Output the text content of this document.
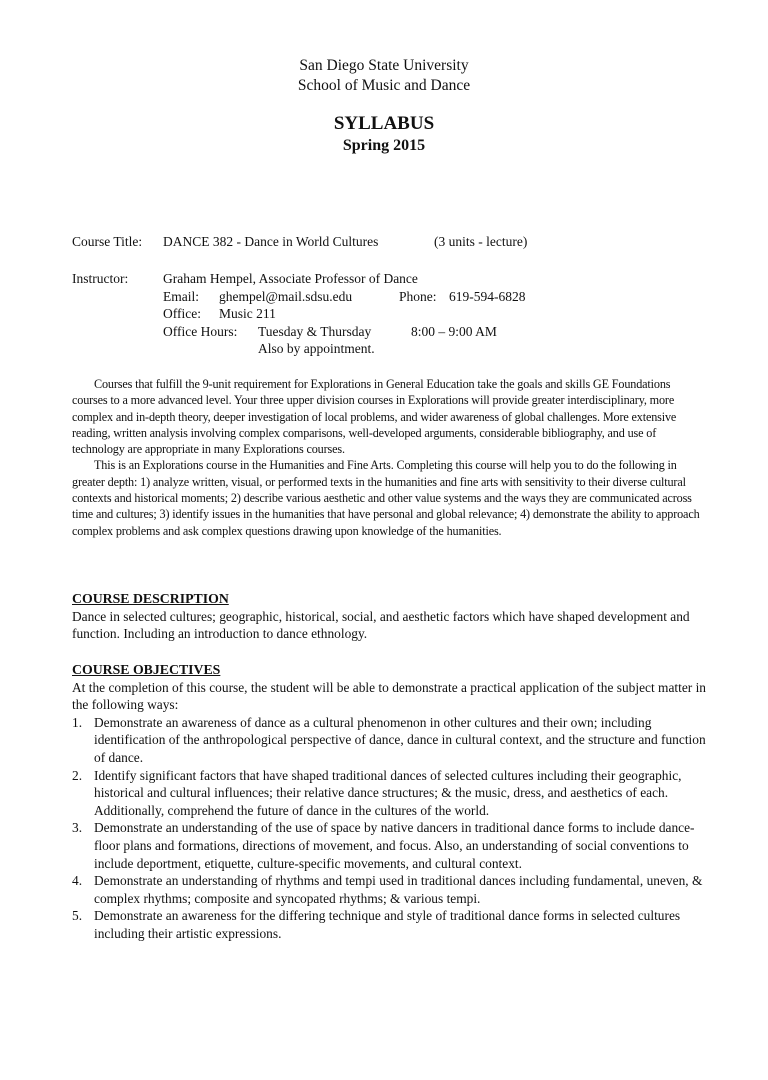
San Diego State University
School of Music and Dance
SYLLABUS
Spring 2015
Course Title: DANCE 382 - Dance in World Cultures	(3 units - lecture)
Instructor:	Graham Hempel, Associate Professor of Dance
Email: ghempel@mail.sdsu.edu	Phone: 619-594-6828
Office: Music 211
Office Hours: Tuesday & Thursday	8:00 – 9:00 AM
Also by appointment.

Courses that fulfill the 9-unit requirement for Explorations in General Education take the goals and skills GE Foundations courses to a more advanced level. Your three upper division courses in Explorations will provide greater interdisciplinary, more complex and in-depth theory, deeper investigation of local problems, and wider awareness of global challenges. More extensive reading, written analysis involving complex comparisons, well-developed arguments, considerable bibliography, and use of technology are appropriate in many Explorations courses.

This is an Explorations course in the Humanities and Fine Arts. Completing this course will help you to do the following in greater depth: 1) analyze written, visual, or performed texts in the humanities and fine arts with sensitivity to their diverse cultural contexts and historical moments; 2) describe various aesthetic and other value systems and the ways they are communicated across time and cultures; 3) identify issues in the humanities that have personal and global relevance; 4) demonstrate the ability to approach complex problems and ask complex questions drawing upon knowledge of the humanities.

COURSE DESCRIPTION

Dance in selected cultures; geographic, historical, social, and aesthetic factors which have shaped development and function. Including an introduction to dance ethnology.

COURSE OBJECTIVES

At the completion of this course, the student will be able to demonstrate a practical application of the subject matter in the following ways:

1. Demonstrate an awareness of dance as a cultural phenomenon in other cultures and their own; including identification of the anthropological perspective of dance, dance in cultural context, and the structure and function of dance.
2. Identify significant factors that have shaped traditional dances of selected cultures including their geographic, historical and cultural influences; their relative dance structures; & the music, dress, and aesthetics of each. Additionally, comprehend the future of dance in the cultures of the world.
3. Demonstrate an understanding of the use of space by native dancers in traditional dance forms to include dance-floor plans and formations, directions of movement, and focus. Also, an understanding of social conventions to include deportment, etiquette, culture-specific movements, and cultural context.
4. Demonstrate an understanding of rhythms and tempi used in traditional dances including fundamental, uneven, & complex rhythms; composite and syncopated rhythms; & various tempi.
5. Demonstrate an awareness for the differing technique and style of traditional dance forms in selected cultures including their artistic expressions.
